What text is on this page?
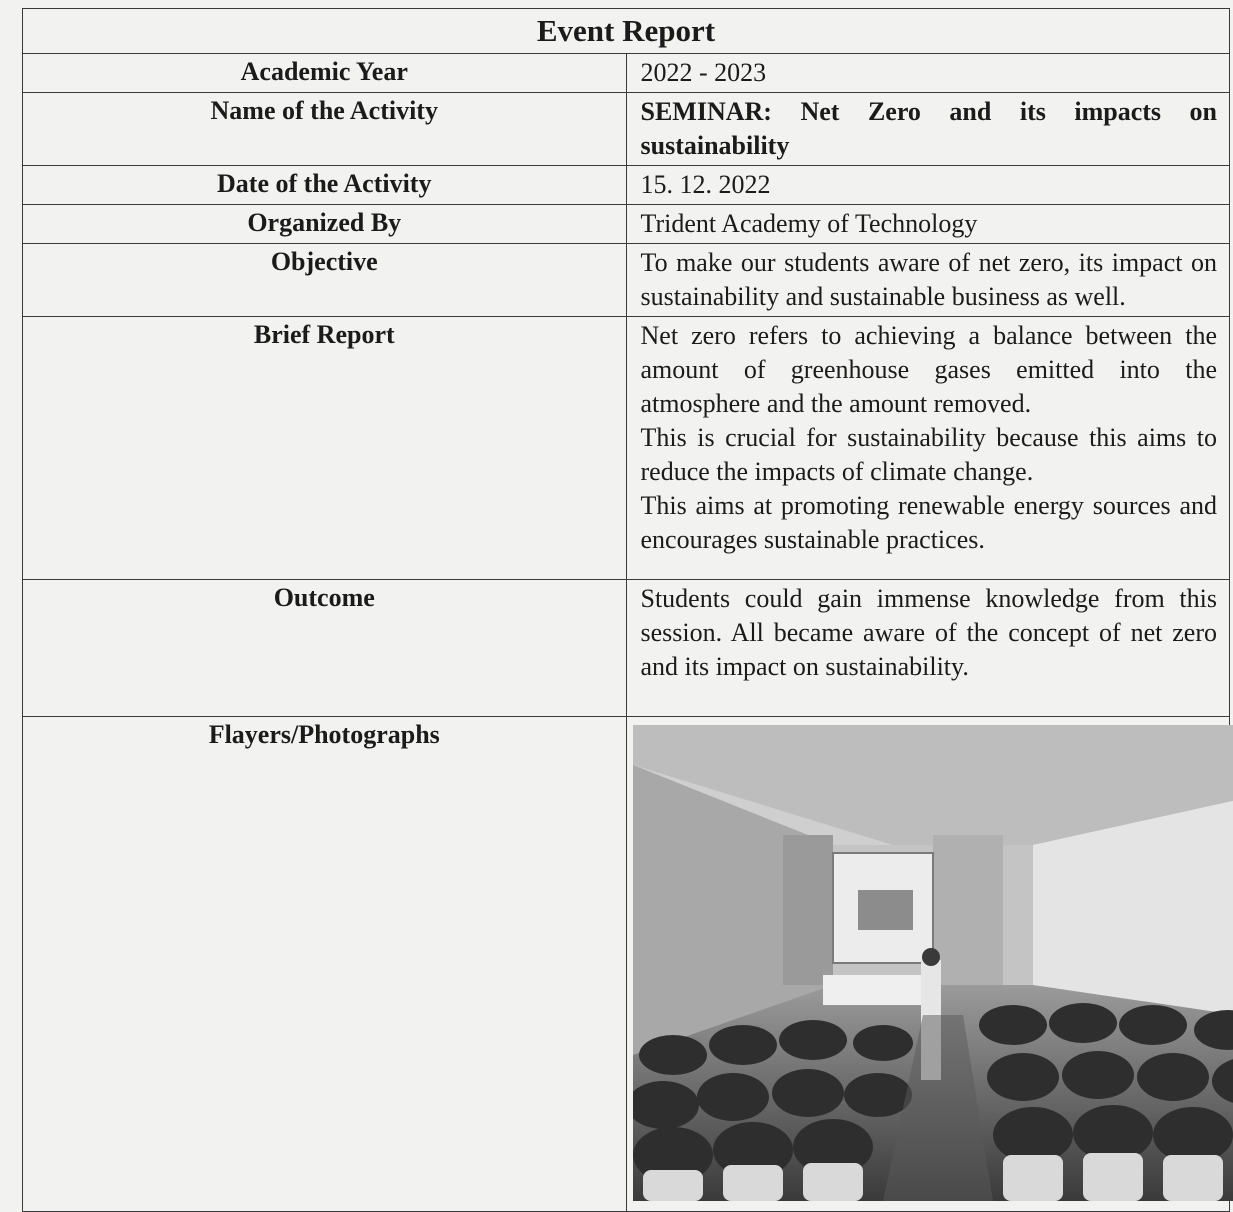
Event Report	
Academic Year	2022 - 2023
Name of the Activity	SEMINAR: Net Zero and its impacts on sustainability
Date of the Activity	15. 12. 2022
Organized By	Trident Academy of Technology
Objective	To make our students aware of net zero, its impact on sustainability and sustainable business as well.
Brief Report	Net zero refers to achieving a balance between the amount of greenhouse gases emitted into the atmosphere and the amount removed.

This is crucial for sustainability because this aims to reduce the impacts of climate change.

This aims at promoting renewable energy sources and encourages sustainable practices.

Outcome	Students could gain immense knowledge from this session. All became aware of the concept of net zero and its impact on sustainability.
Flayers/Photographs	
